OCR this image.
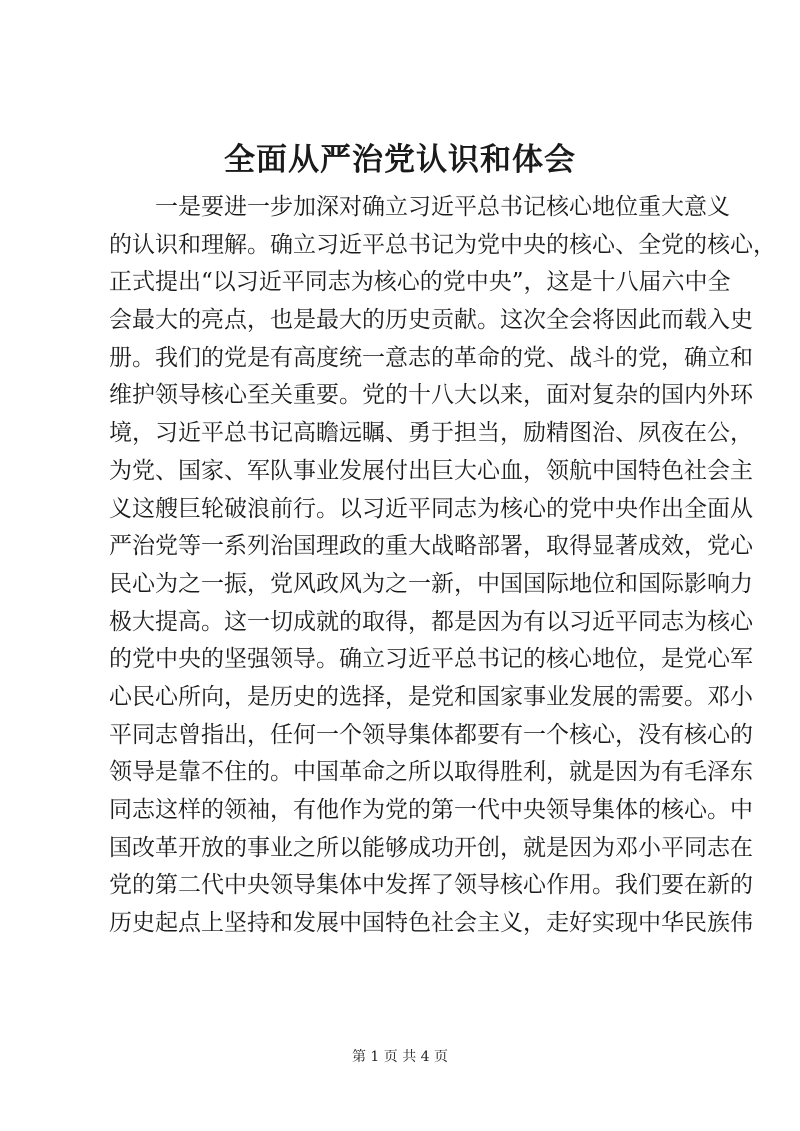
全面从严治党认识和体会
　　一是要进一步加深对确立习近平总书记核心地位重大意义
的认识和理解。确立习近平总书记为党中央的核心、全党的核心，
正式提出“以习近平同志为核心的党中央”，这是十八届六中全
会最大的亮点，也是最大的历史贡献。这次全会将因此而载入史
册。我们的党是有高度统一意志的革命的党、战斗的党，确立和
维护领导核心至关重要。党的十八大以来，面对复杂的国内外环
境，习近平总书记高瞻远瞩、勇于担当，励精图治、夙夜在公，
为党、国家、军队事业发展付出巨大心血，领航中国特色社会主
义这艘巨轮破浪前行。以习近平同志为核心的党中央作出全面从
严治党等一系列治国理政的重大战略部署，取得显著成效，党心
民心为之一振，党风政风为之一新，中国国际地位和国际影响力
极大提高。这一切成就的取得，都是因为有以习近平同志为核心
的党中央的坚强领导。确立习近平总书记的核心地位，是党心军
心民心所向，是历史的选择，是党和国家事业发展的需要。邓小
平同志曾指出，任何一个领导集体都要有一个核心，没有核心的
领导是靠不住的。中国革命之所以取得胜利，就是因为有毛泽东
同志这样的领袖，有他作为党的第一代中央领导集体的核心。中
国改革开放的事业之所以能够成功开创，就是因为邓小平同志在
党的第二代中央领导集体中发挥了领导核心作用。我们要在新的
历史起点上坚持和发展中国特色社会主义，走好实现中华民族伟
第 1 页 共 4 页
